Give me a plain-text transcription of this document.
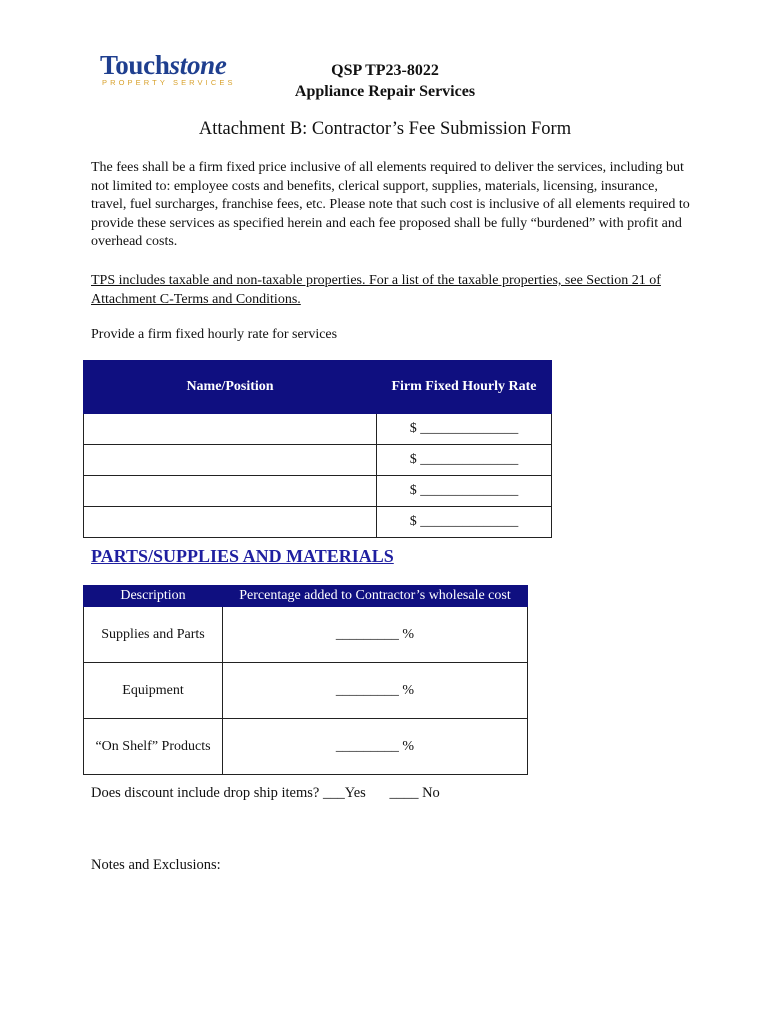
Touchstone
PROPERTY SERVICES
QSP TP23-8022
Appliance Repair Services
Attachment B: Contractor’s Fee Submission Form
The fees shall be a firm fixed price inclusive of all elements required to deliver the services, including but not limited to: employee costs and benefits, clerical support, supplies, materials, licensing, insurance, travel, fuel surcharges, franchise fees, etc. Please note that such cost is inclusive of all elements required to provide these services as specified herein and each fee proposed shall be fully “burdened” with profit and overhead costs.
TPS includes taxable and non-taxable properties. For a list of the taxable properties, see Section 21 of Attachment C-Terms and Conditions.
Provide a firm fixed hourly rate for services
Name/Position	Firm Fixed Hourly Rate
	$ ______________
	$ ______________
	$ ______________
	$ ______________
PARTS/SUPPLIES AND MATERIALS
Description	Percentage added to Contractor’s wholesale cost
Supplies and Parts	_________ %
Equipment	_________ %
“On Shelf” Products	_________ %
Does discount include drop ship items? ___Yes ____ No
Notes and Exclusions:
